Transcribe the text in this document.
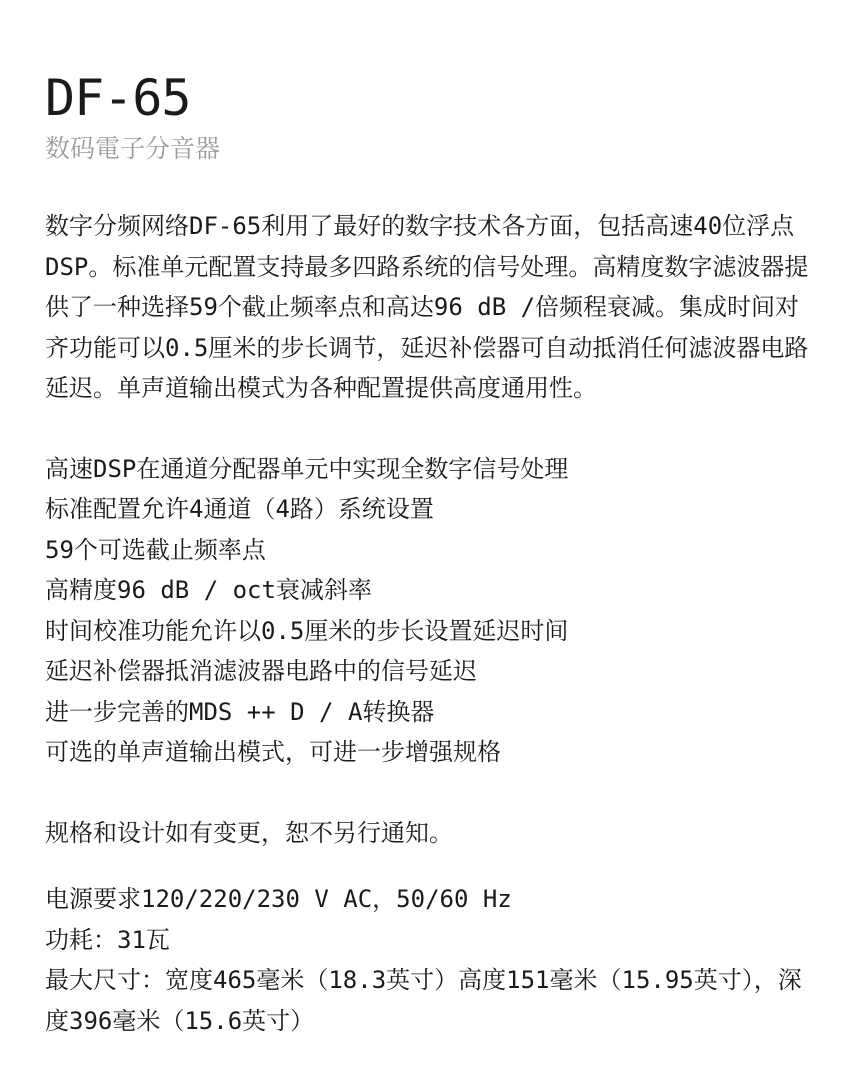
DF-65
数码電子分音器

数字分频网络DF-65利用了最好的数字技术各方面，包括高速40位浮点DSP。标准单元配置支持最多四路系统的信号处理。高精度数字滤波器提供了一种选择59个截止频率点和高达96 dB /倍频程衰减。集成时间对齐功能可以0.5厘米的步长调节，延迟补偿器可自动抵消任何滤波器电路延迟。单声道输出模式为各种配置提供高度通用性。

高速DSP在通道分配器单元中实现全数字信号处理
标准配置允许4通道（4路）系统设置
59个可选截止频率点
高精度96 dB / oct衰减斜率
时间校准功能允许以0.5厘米的步长设置延迟时间
延迟补偿器抵消滤波器电路中的信号延迟
进一步完善的MDS ++ D / A转换器
可选的单声道输出模式，可进一步增强规格

规格和设计如有变更，恕不另行通知。

电源要求120/220/230 V AC，50/60 Hz
功耗：31瓦
最大尺寸：宽度465毫米（18.3英寸）高度151毫米（15.95英寸），深度396毫米（15.6英寸）
